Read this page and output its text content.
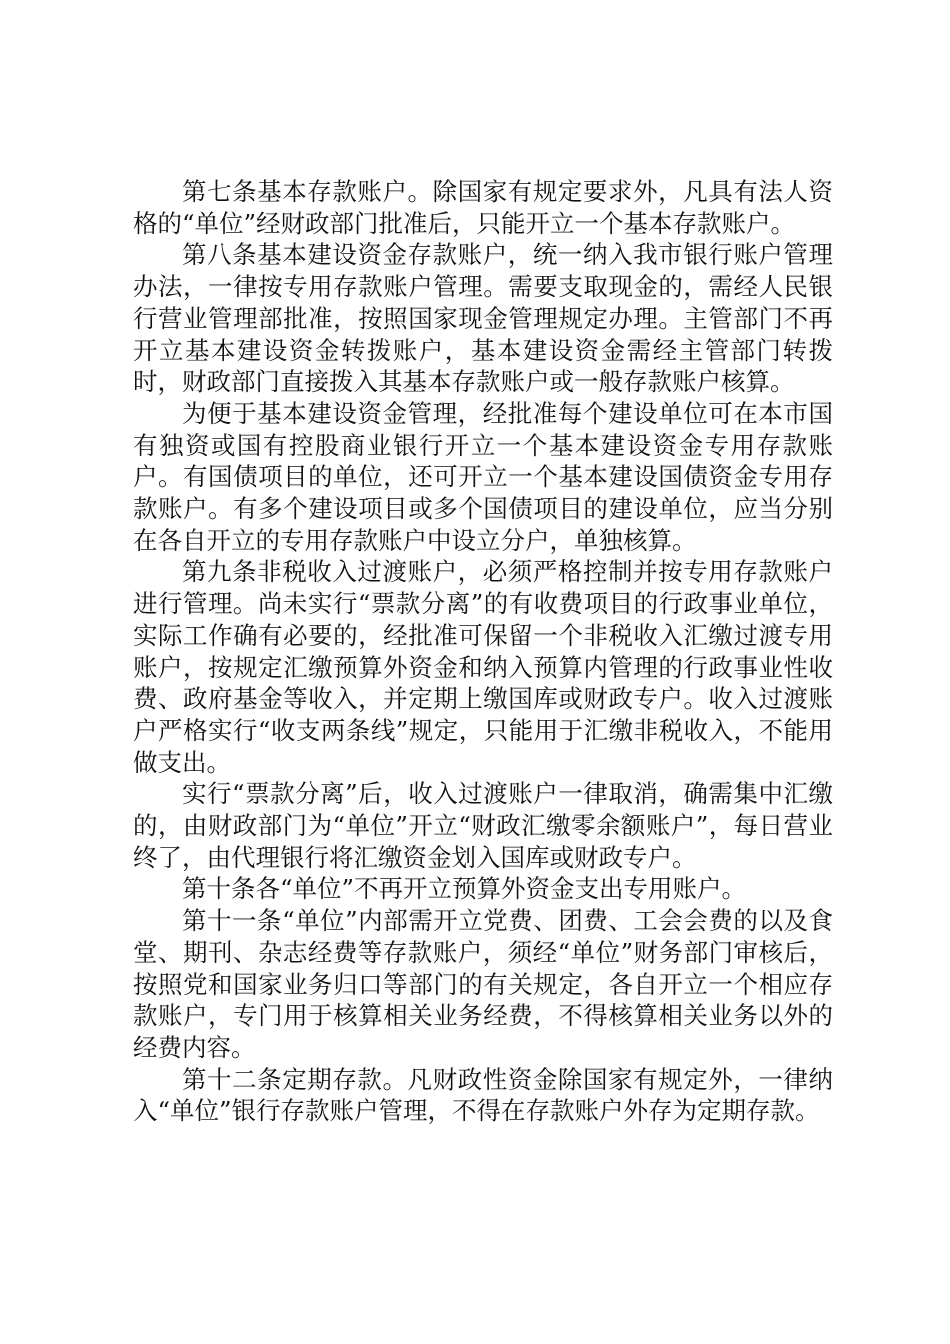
第七条基本存款账户。除国家有规定要求外，凡具有法人资格的“单位”经财政部门批准后，只能开立一个基本存款账户。

第八条基本建设资金存款账户，统一纳入我市银行账户管理办法，一律按专用存款账户管理。需要支取现金的，需经人民银行营业管理部批准，按照国家现金管理规定办理。主管部门不再开立基本建设资金转拨账户，基本建设资金需经主管部门转拨时，财政部门直接拨入其基本存款账户或一般存款账户核算。

为便于基本建设资金管理，经批准每个建设单位可在本市国有独资或国有控股商业银行开立一个基本建设资金专用存款账户。有国债项目的单位，还可开立一个基本建设国债资金专用存款账户。有多个建设项目或多个国债项目的建设单位，应当分别在各自开立的专用存款账户中设立分户，单独核算。

第九条非税收入过渡账户，必须严格控制并按专用存款账户进行管理。尚未实行“票款分离”的有收费项目的行政事业单位，实际工作确有必要的，经批准可保留一个非税收入汇缴过渡专用账户，按规定汇缴预算外资金和纳入预算内管理的行政事业性收费、政府基金等收入，并定期上缴国库或财政专户。收入过渡账户严格实行“收支两条线”规定，只能用于汇缴非税收入，不能用做支出。

实行“票款分离”后，收入过渡账户一律取消，确需集中汇缴的，由财政部门为“单位”开立“财政汇缴零余额账户”，每日营业终了，由代理银行将汇缴资金划入国库或财政专户。

第十条各“单位”不再开立预算外资金支出专用账户。

第十一条“单位”内部需开立党费、团费、工会会费的以及食堂、期刊、杂志经费等存款账户，须经“单位”财务部门审核后，按照党和国家业务归口等部门的有关规定，各自开立一个相应存款账户，专门用于核算相关业务经费，不得核算相关业务以外的经费内容。

第十二条定期存款。凡财政性资金除国家有规定外，一律纳入“单位”银行存款账户管理，不得在存款账户外存为定期存款。
